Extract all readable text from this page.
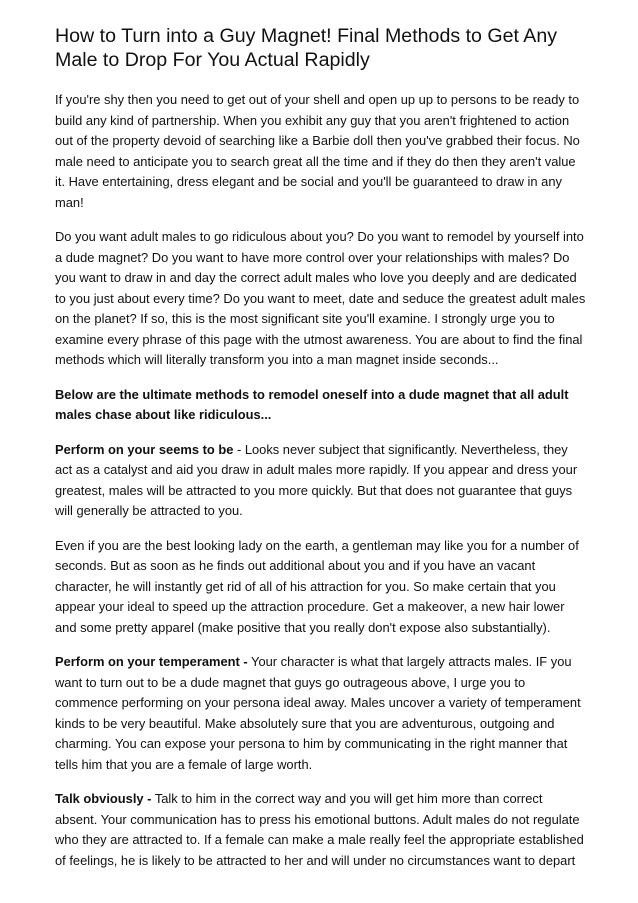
How to Turn into a Guy Magnet! Final Methods to Get Any Male to Drop For You Actual Rapidly

If you're shy then you need to get out of your shell and open up up to persons to be ready to build any kind of partnership. When you exhibit any guy that you aren't frightened to action out of the property devoid of searching like a Barbie doll then you've grabbed their focus. No male need to anticipate you to search great all the time and if they do then they aren't value it. Have entertaining, dress elegant and be social and you'll be guaranteed to draw in any man!

Do you want adult males to go ridiculous about you? Do you want to remodel by yourself into a dude magnet? Do you want to have more control over your relationships with males? Do you want to draw in and day the correct adult males who love you deeply and are dedicated to you just about every time? Do you want to meet, date and seduce the greatest adult males on the planet? If so, this is the most significant site you'll examine. I strongly urge you to examine every phrase of this page with the utmost awareness. You are about to find the final methods which will literally transform you into a man magnet inside seconds...

Below are the ultimate methods to remodel oneself into a dude magnet that all adult males chase about like ridiculous...

Perform on your seems to be - Looks never subject that significantly. Nevertheless, they act as a catalyst and aid you draw in adult males more rapidly. If you appear and dress your greatest, males will be attracted to you more quickly. But that does not guarantee that guys will generally be attracted to you.

Even if you are the best looking lady on the earth, a gentleman may like you for a number of seconds. But as soon as he finds out additional about you and if you have an vacant character, he will instantly get rid of all of his attraction for you. So make certain that you appear your ideal to speed up the attraction procedure. Get a makeover, a new hair lower and some pretty apparel (make positive that you really don't expose also substantially).

Perform on your temperament - Your character is what that largely attracts males. IF you want to turn out to be a dude magnet that guys go outrageous above, I urge you to commence performing on your persona ideal away. Males uncover a variety of temperament kinds to be very beautiful. Make absolutely sure that you are adventurous, outgoing and charming. You can expose your persona to him by communicating in the right manner that tells him that you are a female of large worth.

Talk obviously - Talk to him in the correct way and you will get him more than correct absent. Your communication has to press his emotional buttons. Adult males do not regulate who they are attracted to. If a female can make a male really feel the appropriate established of feelings, he is likely to be attracted to her and will under no circumstances want to depart
